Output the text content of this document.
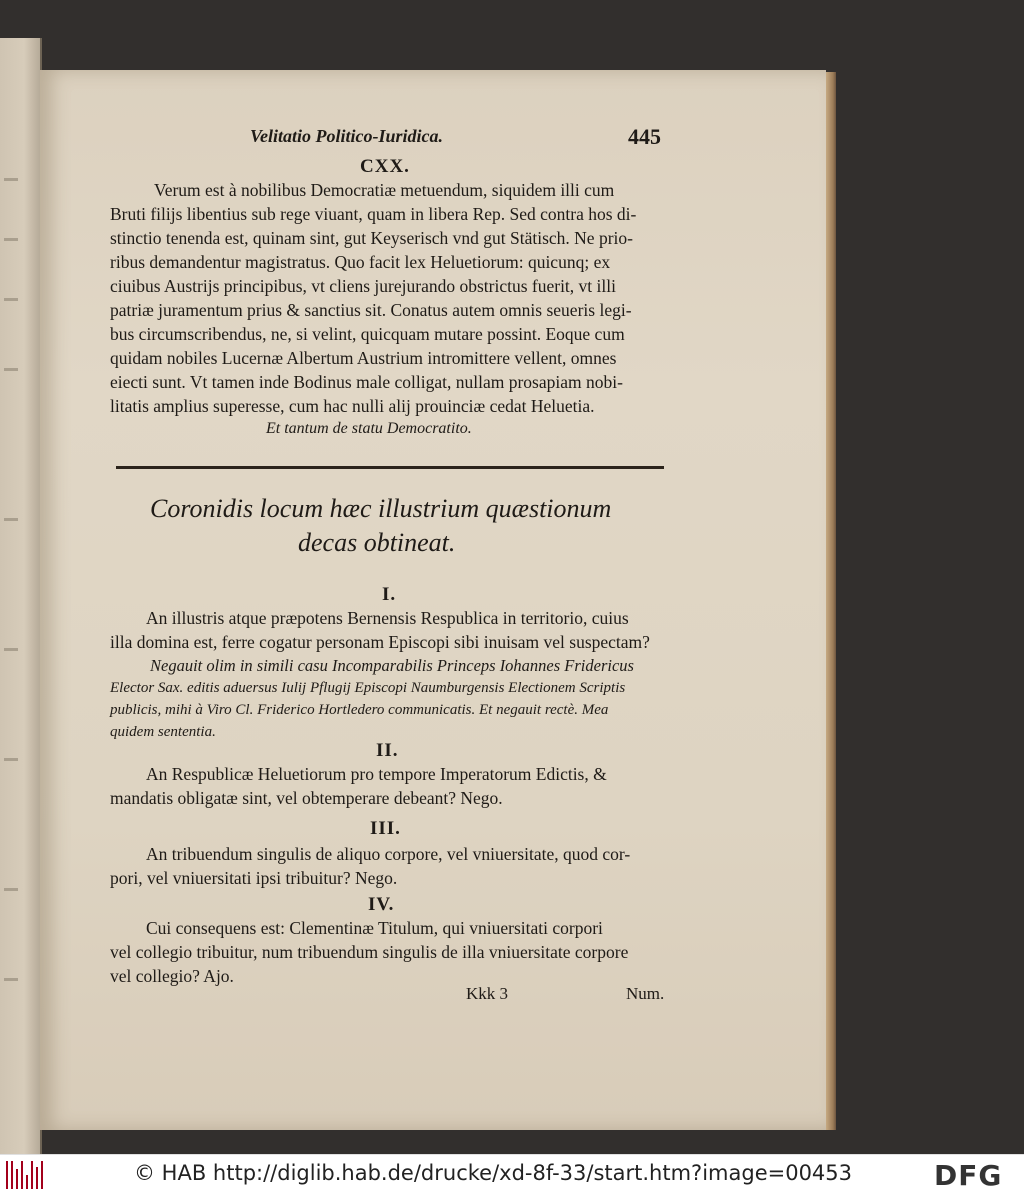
Velitatio Politico-Iuridica.	445
CXX.
Verum est à nobilibus Democratiæ metuendum, siquidem illi cum
Bruti filijs libentius sub rege viuant, quam in libera Rep. Sed contra hos di-
stinctio tenenda est, quinam sint, gut Keyserisch vnd gut Stätisch. Ne prio-
ribus demandentur magistratus. Quo facit lex Heluetiorum: quicunq; ex
ciuibus Austrijs principibus, vt cliens jurejurando obstrictus fuerit, vt illi
patriæ juramentum prius & sanctius sit. Conatus autem omnis seueris legi-
bus circumscribendus, ne, si velint, quicquam mutare possint. Eoque cum
quidam nobiles Lucernæ Albertum Austrium intromittere vellent, omnes
eiecti sunt. Vt tamen inde Bodinus male colligat, nullam prosapiam nobi-
litatis amplius superesse, cum hac nulli alij prouinciæ cedat Heluetia.
Et tantum de statu Democratito.
Coronidis locum hæc illustrium quæstionum
decas obtineat.
I.
An illustris atque præpotens Bernensis Respublica in territorio, cuius
illa domina est, ferre cogatur personam Episcopi sibi inuisam vel suspectam?
Negauit olim in simili casu Incomparabilis Princeps Iohannes Fridericus
Elector Sax. editis aduersus Iulij Pflugij Episcopi Naumburgensis Electionem Scriptis
publicis, mihi à Viro Cl. Friderico Hortledero communicatis. Et negauit rectè. Mea
quidem sententia.
II.
An Respublicæ Heluetiorum pro tempore Imperatorum Edictis, &
mandatis obligatæ sint, vel obtemperare debeant? Nego.
III.
An tribuendum singulis de aliquo corpore, vel vniuersitate, quod cor-
pori, vel vniuersitati ipsi tribuitur? Nego.
IV.
Cui consequens est: Clementinæ Titulum, qui vniuersitati corpori
vel collegio tribuitur, num tribuendum singulis de illa vniuersitate corpore
vel collegio? Ajo.
Kkk 3	Num.
© HAB http://diglib.hab.de/drucke/xd-8f-33/start.htm?image=00453	DFG
